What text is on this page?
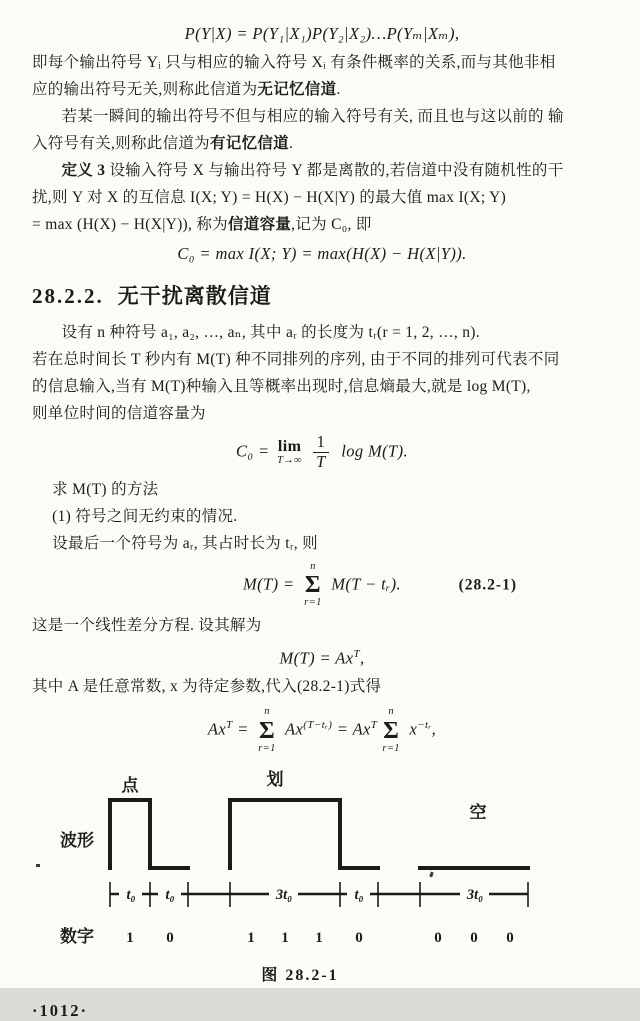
P(Y|X) = P(Y₁|X₁)P(Y₂|X₂)…P(Yₘ|Xₘ),
即每个输出符号 Yᵢ 只与相应的输入符号 Xᵢ 有条件概率的关系,而与其他非相
应的输出符号无关,则称此信道为无记忆信道.
若某一瞬间的输出符号不但与相应的输入符号有关, 而且也与这以前的 输
入符号有关,则称此信道为有记忆信道.
定义 3 设输入符号 X 与输出符号 Y 都是离散的,若信道中没有随机性的干
扰,则 Y 对 X 的互信息 I(X; Y) = H(X) − H(X|Y) 的最大值 max I(X; Y)
= max (H(X) − H(X|Y)), 称为信道容量,记为 C₀, 即
C₀ = max I(X; Y) = max(H(X) − H(X|Y)).
28.2.2. 无干扰离散信道
设有 n 种符号 a₁, a₂, …, aₙ, 其中 aᵣ 的长度为 tᵣ(r = 1, 2, …, n).
若在总时间长 T 秒内有 M(T) 种不同排列的序列, 由于不同的排列可代表不同
的信息输入,当有 M(T)种输入且等概率出现时,信息熵最大,就是 log M(T),
则单位时间的信道容量为
C₀ = lim
$T\to\infty \frac{1}{T}$ log M(T).
求 M(T) 的方法
(1) 符号之间无约束的情况.
设最后一个符号为 aᵣ, 其占时长为 tᵣ, 则
M(T) =
n
Σ
r=1
M(T − tᵣ).	(28.2-1)
这是一个线性差分方程. 设其解为
$M(T) = Ax^T$,
其中 A 是任意常数, x 为待定参数,代入(28.2-1)式得
$Ax^T$ =
n
Σ
r=1
$Ax^{(T-tᵣ)} = Ax^T$
n
Σ
r=1
$x^{-tᵣ}$,
t₀ t₀	3t₀	t₀	3t₀
点	划
空
波形
数字 1 0	1 1 1 0	0 0 0
图 28.2-1
·1012·
